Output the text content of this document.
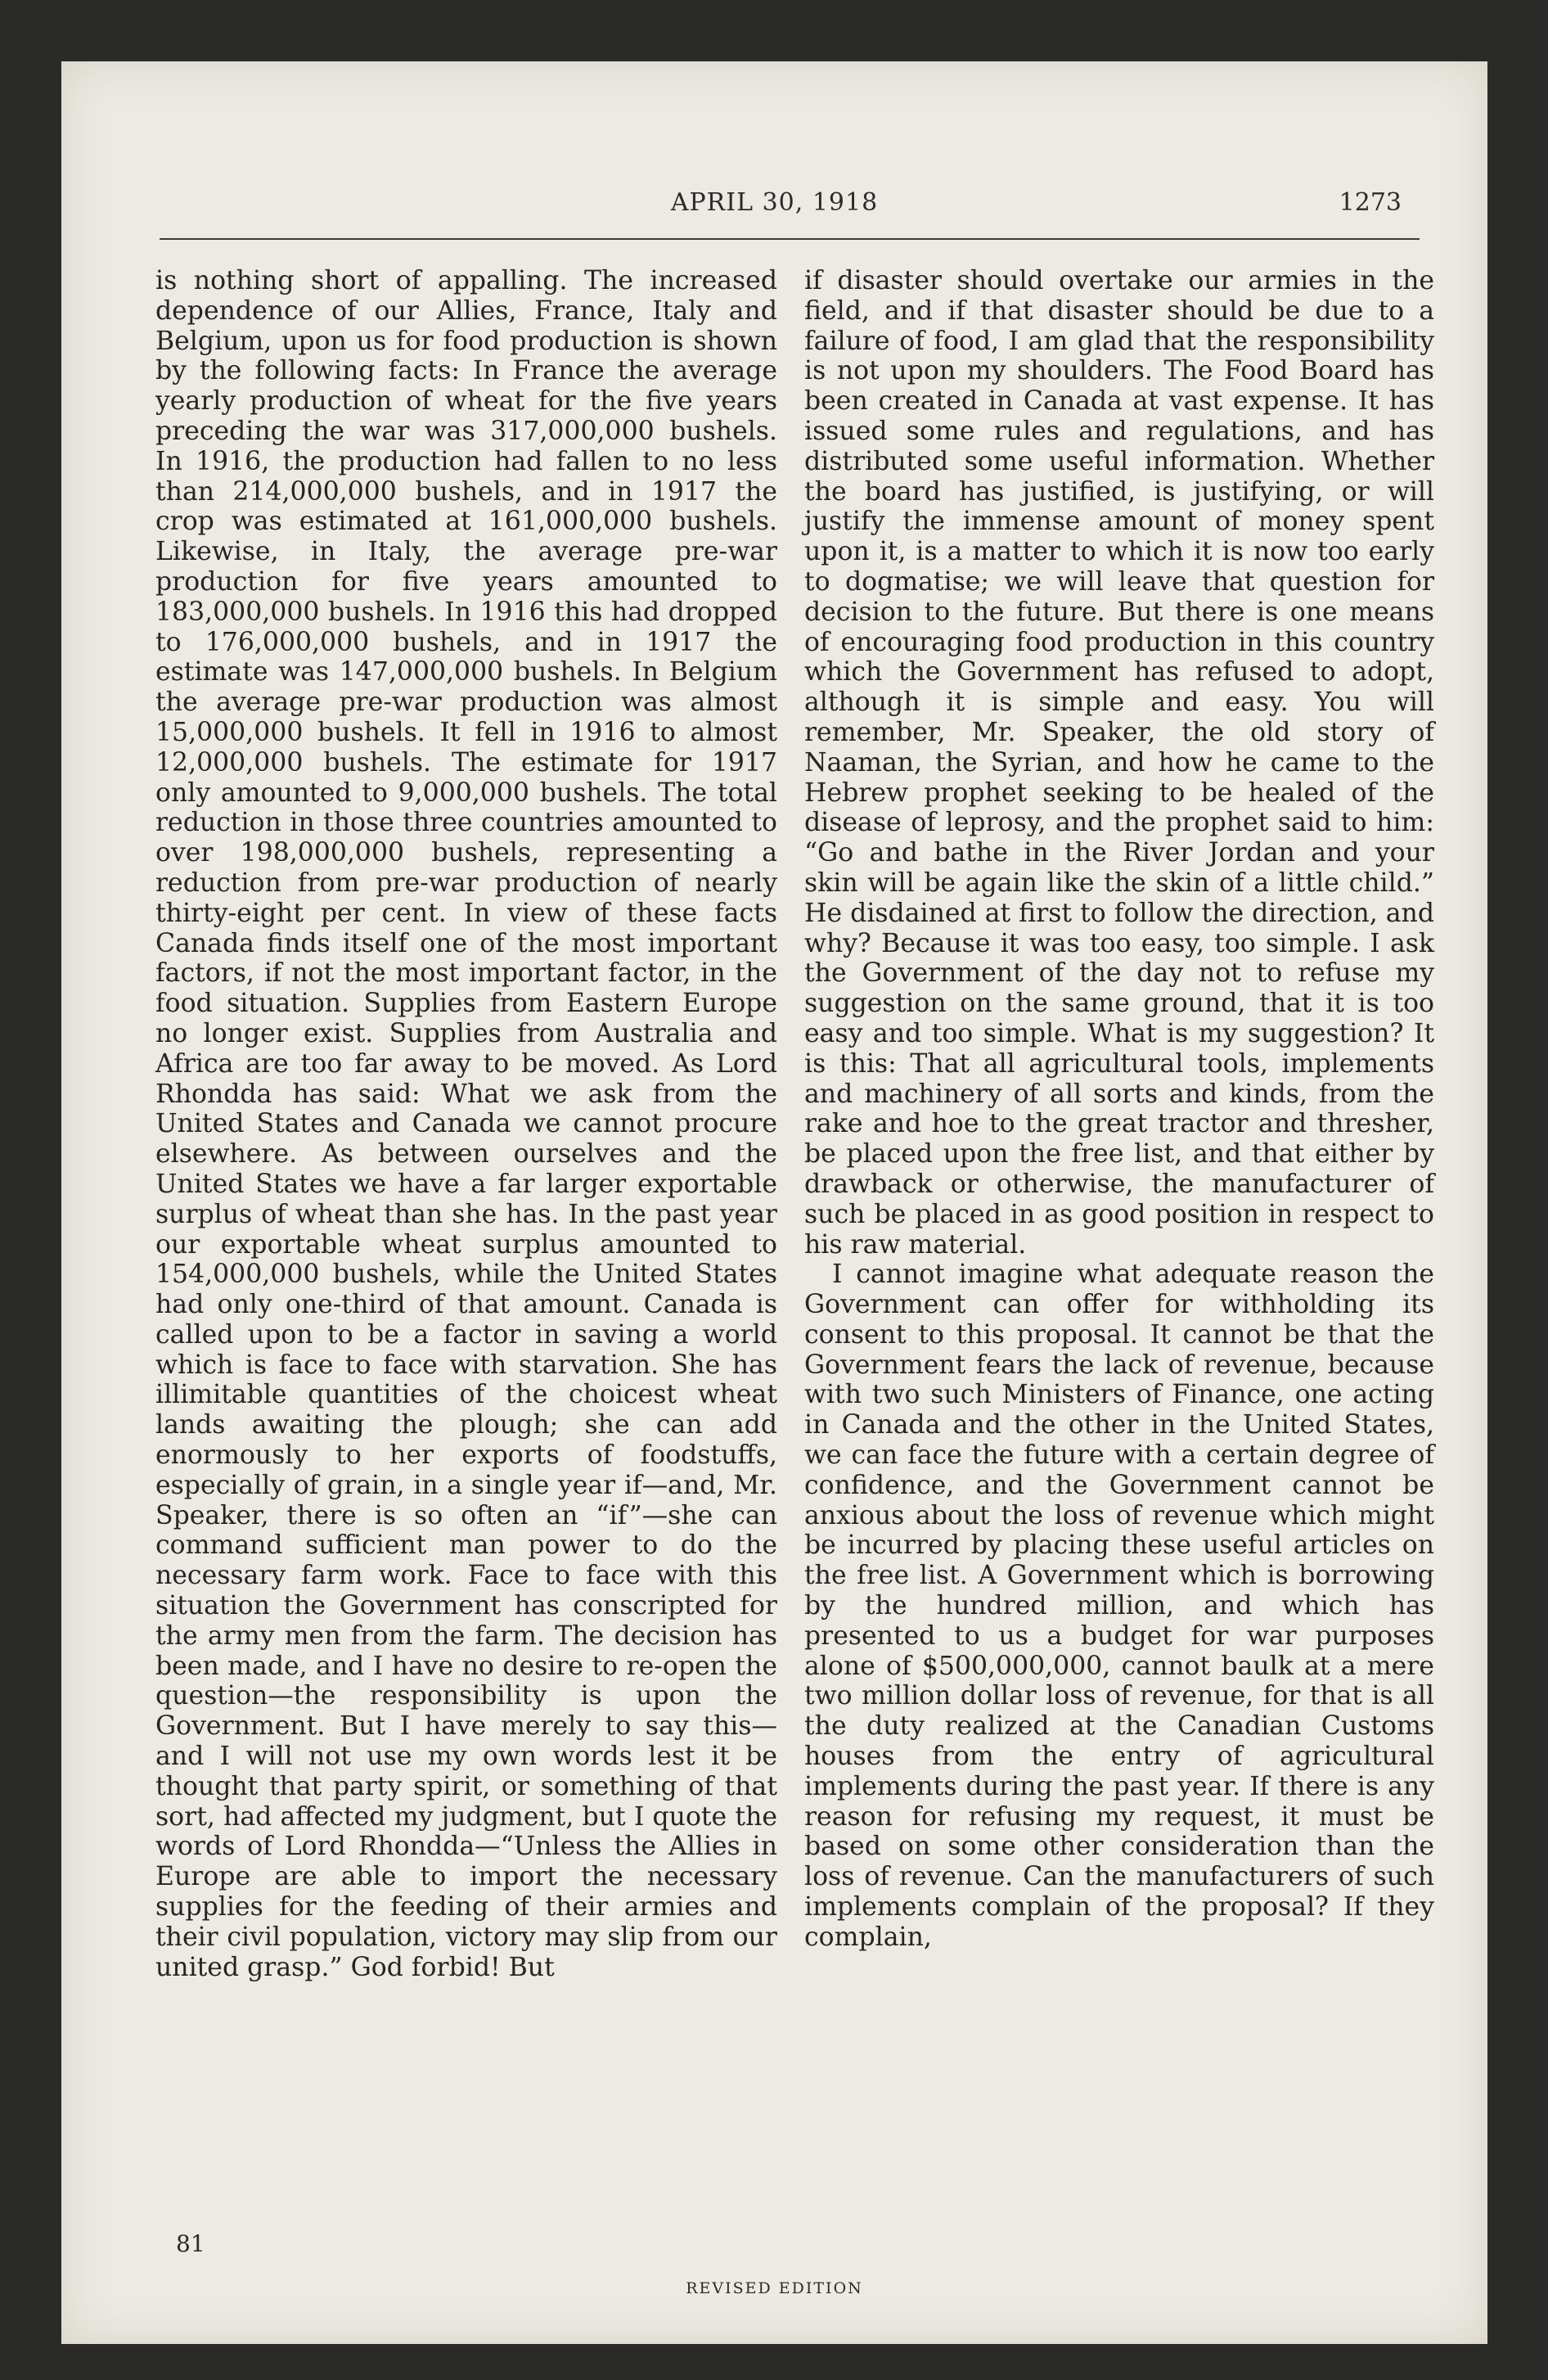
APRIL 30, 1918	1273

is nothing short of appalling. The increased dependence of our Allies, France, Italy and Belgium, upon us for food production is shown by the following facts: In France the average yearly production of wheat for the five years preceding the war was 317,000,000 bushels. In 1916, the production had fallen to no less than 214,000,000 bushels, and in 1917 the crop was estimated at 161,000,000 bushels. Likewise, in Italy, the average pre-war production for five years amounted to 183,000,000 bushels. In 1916 this had dropped to 176,000,000 bushels, and in 1917 the estimate was 147,000,000 bushels. In Belgium the average pre-war production was almost 15,000,000 bushels. It fell in 1916 to almost 12,000,000 bushels. The estimate for 1917 only amounted to 9,000,000 bushels. The total reduction in those three countries amounted to over 198,000,000 bushels, representing a reduction from pre-war production of nearly thirty-eight per cent. In view of these facts Canada finds itself one of the most important factors, if not the most important factor, in the food situation. Supplies from Eastern Europe no longer exist. Supplies from Australia and Africa are too far away to be moved. As Lord Rhondda has said: What we ask from the United States and Canada we cannot procure elsewhere. As between ourselves and the United States we have a far larger exportable surplus of wheat than she has. In the past year our exportable wheat surplus amounted to 154,000,000 bushels, while the United States had only one-third of that amount. Canada is called upon to be a factor in saving a world which is face to face with starvation. She has illimitable quantities of the choicest wheat lands awaiting the plough; she can add enormously to her exports of foodstuffs, especially of grain, in a single year if—and, Mr. Speaker, there is so often an “if”—she can command sufficient man power to do the necessary farm work. Face to face with this situation the Government has conscripted for the army men from the farm. The decision has been made, and I have no desire to re-open the question—the responsibility is upon the Government. But I have merely to say this—and I will not use my own words lest it be thought that party spirit, or something of that sort, had affected my judgment, but I quote the words of Lord Rhondda—“Unless the Allies in Europe are able to import the necessary supplies for the feeding of their armies and their civil population, victory may slip from our united grasp.” God forbid! But

if disaster should overtake our armies in the field, and if that disaster should be due to a failure of food, I am glad that the responsibility is not upon my shoulders. The Food Board has been created in Canada at vast expense. It has issued some rules and regulations, and has distributed some useful information. Whether the board has justified, is justifying, or will justify the immense amount of money spent upon it, is a matter to which it is now too early to dogmatise; we will leave that question for decision to the future. But there is one means of encouraging food production in this country which the Government has refused to adopt, although it is simple and easy. You will remember, Mr. Speaker, the old story of Naaman, the Syrian, and how he came to the Hebrew prophet seeking to be healed of the disease of leprosy, and the prophet said to him: “Go and bathe in the River Jordan and your skin will be again like the skin of a little child.” He disdained at first to follow the direction, and why? Because it was too easy, too simple. I ask the Government of the day not to refuse my suggestion on the same ground, that it is too easy and too simple. What is my suggestion? It is this: That all agricultural tools, implements and machinery of all sorts and kinds, from the rake and hoe to the great tractor and thresher, be placed upon the free list, and that either by drawback or otherwise, the manufacturer of such be placed in as good position in respect to his raw material.

I cannot imagine what adequate reason the Government can offer for withholding its consent to this proposal. It cannot be that the Government fears the lack of revenue, because with two such Ministers of Finance, one acting in Canada and the other in the United States, we can face the future with a certain degree of confidence, and the Government cannot be anxious about the loss of revenue which might be incurred by placing these useful articles on the free list. A Government which is borrowing by the hundred million, and which has presented to us a budget for war purposes alone of $500,000,000, cannot baulk at a mere two million dollar loss of revenue, for that is all the duty realized at the Canadian Customs houses from the entry of agricultural implements during the past year. If there is any reason for refusing my request, it must be based on some other consideration than the loss of revenue. Can the manufacturers of such implements complain of the proposal? If they complain,

81
REVISED EDITION
